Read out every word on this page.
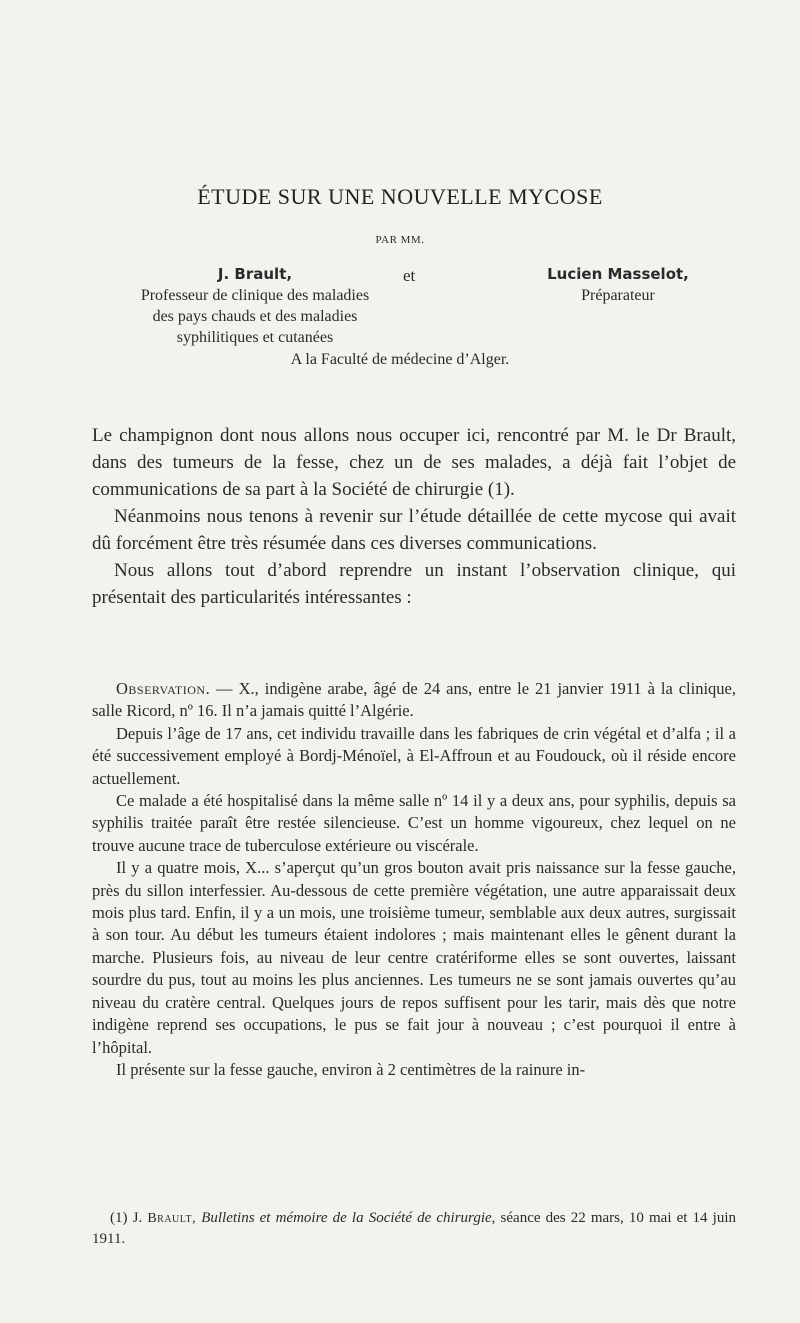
ÉTUDE SUR UNE NOUVELLE MYCOSE
PAR MM.
J. Brault,
Professeur de clinique des maladies
des pays chauds et des maladies
syphilitiques et cutanées
et	Lucien Masselot,
Préparateur
A la Faculté de médecine d’Alger.

Le champignon dont nous allons nous occuper ici, rencontré par M. le Dr Brault, dans des tumeurs de la fesse, chez un de ses malades, a déjà fait l’objet de communications de sa part à la Société de chirurgie (1).

Néanmoins nous tenons à revenir sur l’étude détaillée de cette mycose qui avait dû forcément être très résumée dans ces diverses communications.

Nous allons tout d’abord reprendre un instant l’observation clinique, qui présentait des particularités intéressantes :

Observation. — X., indigène arabe, âgé de 24 ans, entre le 21 janvier 1911 à la clinique, salle Ricord, nº 16. Il n’a jamais quitté l’Algérie.

Depuis l’âge de 17 ans, cet individu travaille dans les fabriques de crin végétal et d’alfa ; il a été successivement employé à Bordj-Ménoïel, à El-Affroun et au Foudouck, où il réside encore actuellement.

Ce malade a été hospitalisé dans la même salle nº 14 il y a deux ans, pour syphilis, depuis sa syphilis traitée paraît être restée silencieuse. C’est un homme vigoureux, chez lequel on ne trouve aucune trace de tuberculose extérieure ou viscérale.

Il y a quatre mois, X... s’aperçut qu’un gros bouton avait pris naissance sur la fesse gauche, près du sillon interfessier. Au-dessous de cette première végétation, une autre apparaissait deux mois plus tard. Enfin, il y a un mois, une troisième tumeur, semblable aux deux autres, surgissait à son tour. Au début les tumeurs étaient indolores ; mais maintenant elles le gênent durant la marche. Plusieurs fois, au niveau de leur centre cratériforme elles se sont ouvertes, laissant sourdre du pus, tout au moins les plus anciennes. Les tumeurs ne se sont jamais ouvertes qu’au niveau du cratère central. Quelques jours de repos suffisent pour les tarir, mais dès que notre indigène reprend ses occupations, le pus se fait jour à nouveau ; c’est pourquoi il entre à l’hôpital.

Il présente sur la fesse gauche, environ à 2 centimètres de la rainure in-

(1) J. Brault, Bulletins et mémoire de la Société de chirurgie, séance des 22 mars, 10 mai et 14 juin 1911.
